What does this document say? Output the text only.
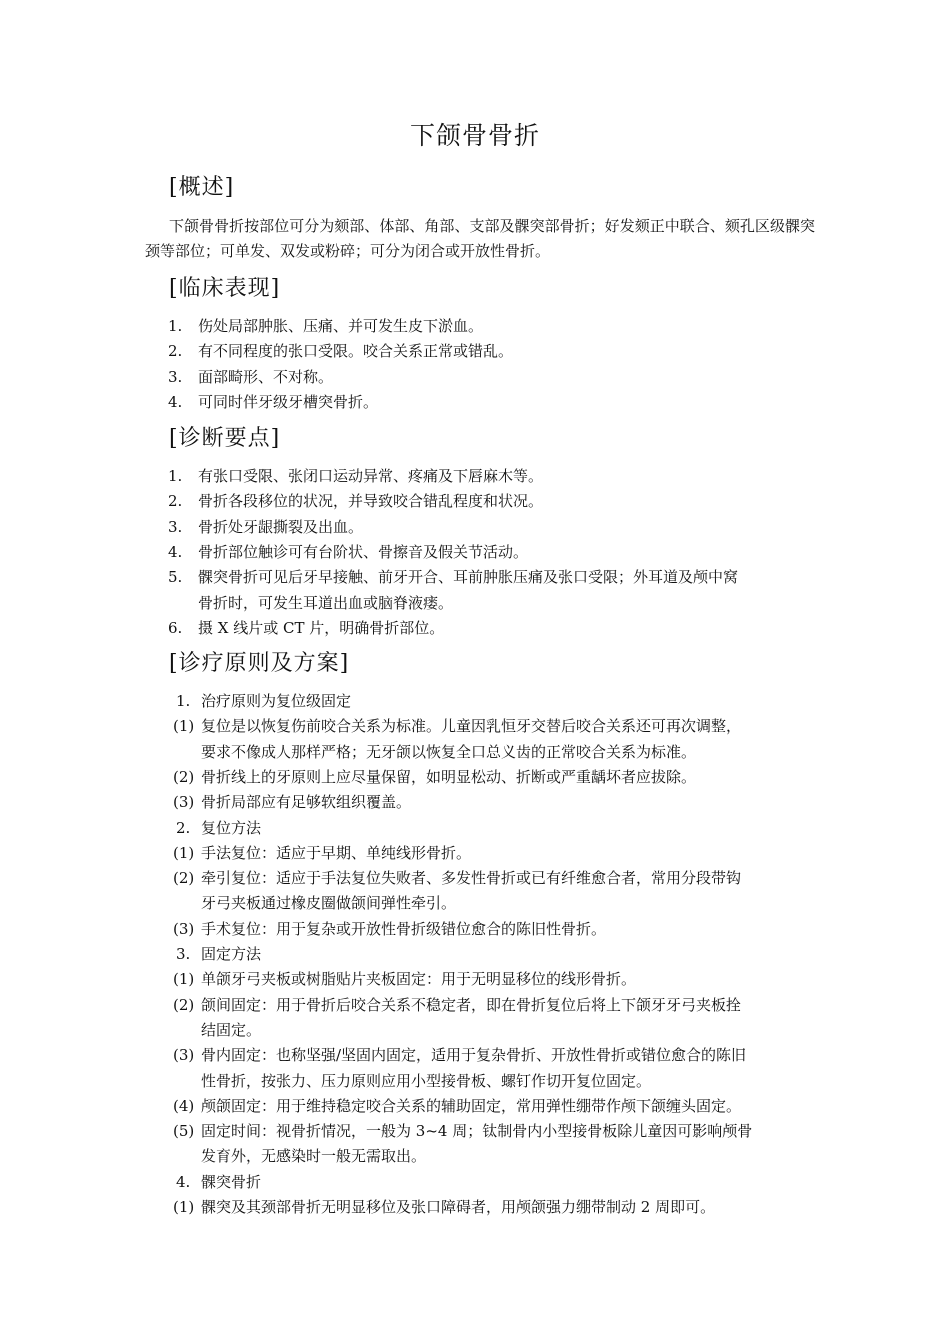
下颌骨骨折
[概述]
下颌骨骨折按部位可分为颏部、体部、角部、支部及髁突部骨折；好发颏正中联合、颏孔区级髁突颈等部位；可单发、双发或粉碎；可分为闭合或开放性骨折。
[临床表现]
1. 伤处局部肿胀、压痛、并可发生皮下淤血。
2. 有不同程度的张口受限。咬合关系正常或错乱。
3. 面部畸形、不对称。
4. 可同时伴牙级牙槽突骨折。
[诊断要点]
1. 有张口受限、张闭口运动异常、疼痛及下唇麻木等。
2. 骨折各段移位的状况，并导致咬合错乱程度和状况。
3. 骨折处牙龈撕裂及出血。
4. 骨折部位触诊可有台阶状、骨擦音及假关节活动。
5. 髁突骨折可见后牙早接触、前牙开合、耳前肿胀压痛及张口受限；外耳道及颅中窝
骨折时，可发生耳道出血或脑脊液瘘。
6. 摄 X 线片或 CT 片，明确骨折部位。
[诊疗原则及方案]
1. 治疗原则为复位级固定
(1) 复位是以恢复伤前咬合关系为标准。儿童因乳恒牙交替后咬合关系还可再次调整，
要求不像成人那样严格；无牙颌以恢复全口总义齿的正常咬合关系为标准。
(2) 骨折线上的牙原则上应尽量保留，如明显松动、折断或严重龋坏者应拔除。
(3) 骨折局部应有足够软组织覆盖。
2. 复位方法
(1) 手法复位：适应于早期、单纯线形骨折。
(2) 牵引复位：适应于手法复位失败者、多发性骨折或已有纤维愈合者，常用分段带钩
牙弓夹板通过橡皮圈做颌间弹性牵引。
(3) 手术复位：用于复杂或开放性骨折级错位愈合的陈旧性骨折。
3. 固定方法
(1) 单颌牙弓夹板或树脂贴片夹板固定：用于无明显移位的线形骨折。
(2) 颌间固定：用于骨折后咬合关系不稳定者，即在骨折复位后将上下颌牙牙弓夹板拴
结固定。
(3) 骨内固定：也称坚强/坚固内固定，适用于复杂骨折、开放性骨折或错位愈合的陈旧
性骨折，按张力、压力原则应用小型接骨板、螺钉作切开复位固定。
(4) 颅颌固定：用于维持稳定咬合关系的辅助固定，常用弹性绷带作颅下颌缠头固定。
(5) 固定时间：视骨折情况，一般为 3~4 周；钛制骨内小型接骨板除儿童因可影响颅骨
发育外，无感染时一般无需取出。
4. 髁突骨折
(1) 髁突及其颈部骨折无明显移位及张口障碍者，用颅颌强力绷带制动 2 周即可。
